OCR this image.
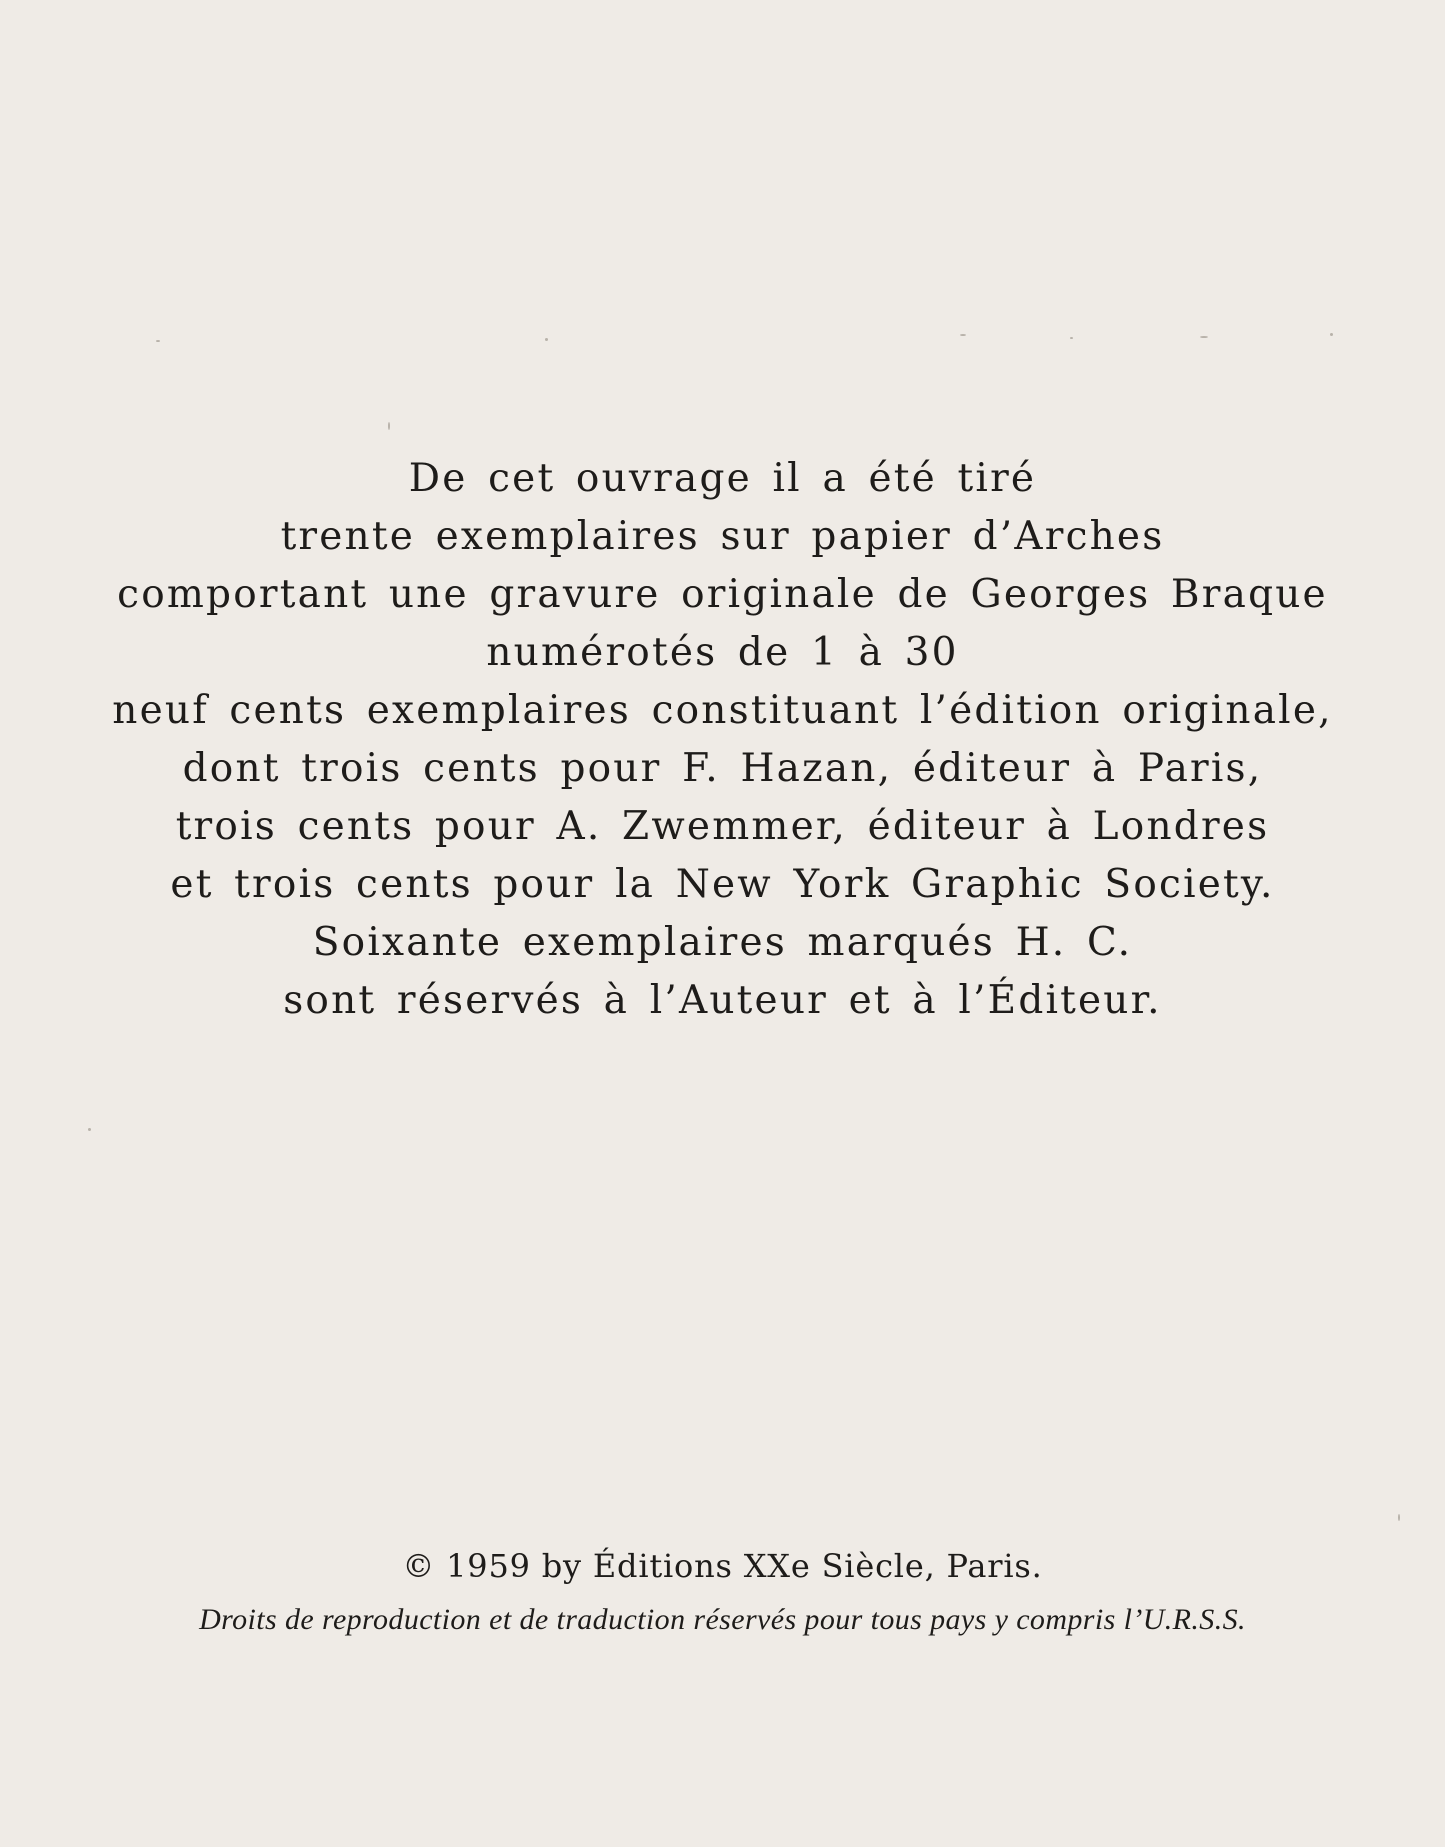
De cet ouvrage il a été tiré
trente exemplaires sur papier d’Arches
comportant une gravure originale de Georges Braque
numérotés de 1 à 30
neuf cents exemplaires constituant l’édition originale,
dont trois cents pour F. Hazan, éditeur à Paris,
trois cents pour A. Zwemmer, éditeur à Londres
et trois cents pour la New York Graphic Society.
Soixante exemplaires marqués H. C.
sont réservés à l’Auteur et à l’Éditeur.
© 1959 by Éditions XXe Siècle, Paris.
Droits de reproduction et de traduction réservés pour tous pays y compris l’U.R.S.S.
